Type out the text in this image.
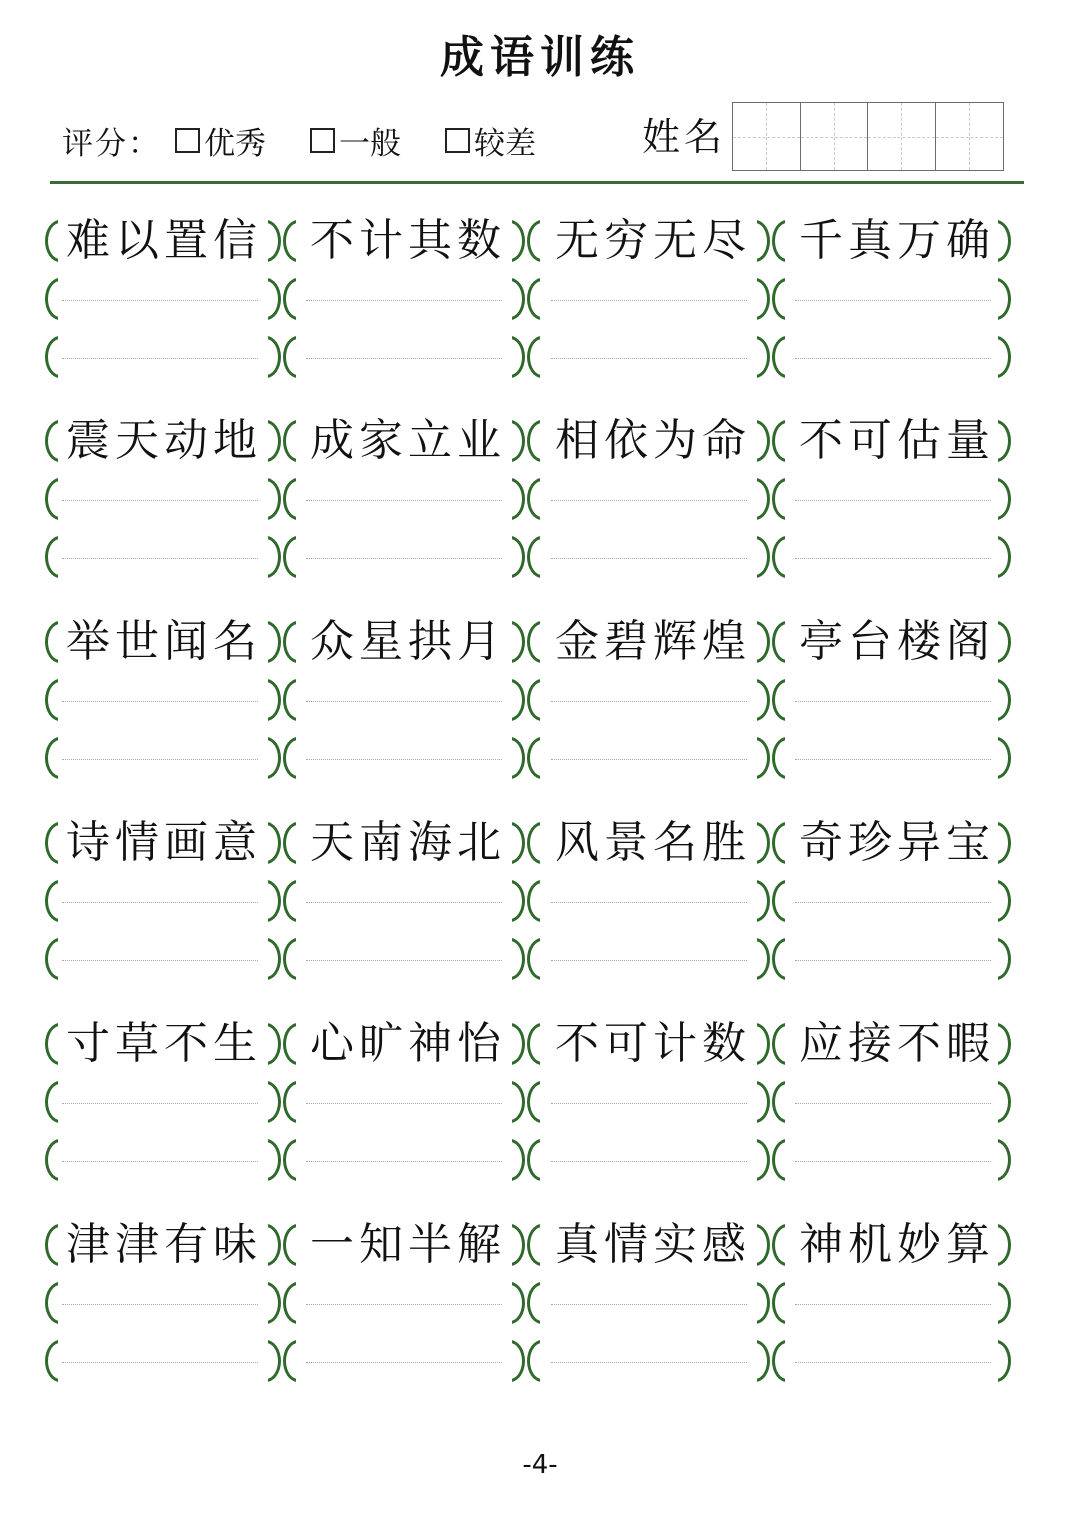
成语训练
评分： 优秀 一般 较差	姓名
难以置信 不计其数 无穷无尽 千真万确
震天动地 成家立业 相依为命 不可估量
举世闻名 众星拱月 金碧辉煌 亭台楼阁
诗情画意 天南海北 风景名胜 奇珍异宝
寸草不生 心旷神怡 不可计数 应接不暇
津津有味 一知半解 真情实感 神机妙算
-4-
